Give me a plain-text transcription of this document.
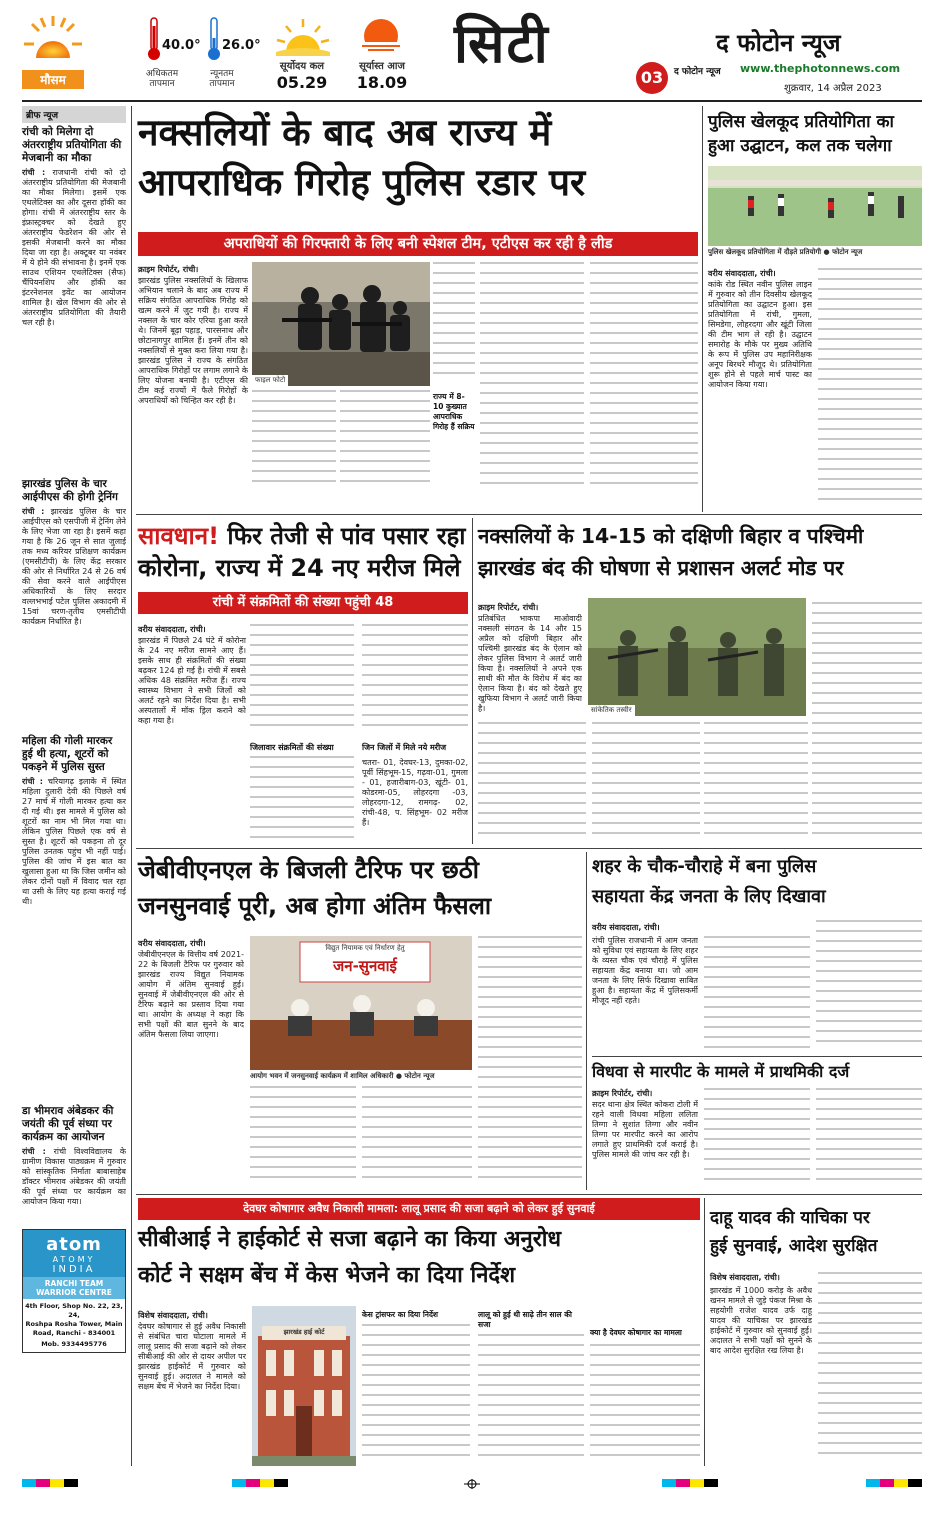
मौसम
40.0°
अधिकतम
तापमान
26.0°
न्यूनतम
तापमान
सूर्योदय कल
05.29
सूर्यास्त आज
18.09
सिटी	द फोटोन न्यूज
03	द फोटोन न्यूज www.thephotonnews.com
शुक्रवार, 14 अप्रैल 2023
ब्रीफ न्यूज
रांची को मिलेगा दो अंतरराष्ट्रीय प्रतियोगिता की मेजबानी का मौका
रांची : राजधानी रांची को दो अंतरराष्ट्रीय प्रतियोगिता की मेजबानी का मौका मिलेगा। इसमें एक एथलेटिक्स का और दूसरा हॉकी का होगा। रांची में अंतरराष्ट्रीय स्तर के इंफ्रास्ट्रक्चर को देखते हुए अंतरराष्ट्रीय फेडरेशन की ओर से इसकी मेजबानी करने का मौका दिया जा रहा है। अक्टूबर या नवंबर में ये होने की संभावना है। इनमें एक साउथ एशियन एथलेटिक्स (सैफ) चैंपियनशिप और हॉकी का इंटरनेशनल इवेंट का आयोजन शामिल है। खेल विभाग की ओर से अंतरराष्ट्रीय प्रतियोगिता की तैयारी चल रही है।
झारखंड पुलिस के चार आईपीएस की होगी ट्रेनिंग
रांची : झारखंड पुलिस के चार आईपीएस को एसपीजी में ट्रेनिंग लेने के लिए भेजा जा रहा है। इसमें कहा गया है कि 26 जून से सात जुलाई तक मध्य करियर प्रशिक्षण कार्यक्रम (एमसीटीपी) के लिए केंद्र सरकार की ओर से निर्धारित 24 से 26 वर्ष की सेवा करने वाले आईपीएस अधिकारियों के लिए सरदार वल्लभभाई पटेल पुलिस अकादमी में 15वां चरण-तृतीय एमसीटीपी कार्यक्रम निर्धारित है।
महिला की गोली मारकर हुई थी हत्या, शूटरों को पकड़ने में पुलिस सुस्त
रांची : चरियागढ़ इलाके में स्थित महिला दुलारी देवी की पिछले वर्ष 27 मार्च में गोली मारकर हत्या कर दी गई थी। इस मामले में पुलिस को शूटरों का नाम भी मिल गया था। लेकिन पुलिस पिछले एक वर्ष से सुस्त है। शूटरों को पकड़ना तो दूर पुलिस उनतक पहुंच भी नहीं पाई। पुलिस की जांच में इस बात का खुलासा हुआ था कि जिस जमीन को लेकर दोनों पक्षों में विवाद चल रहा था उसी के लिए यह हत्या कराई गई थी।
डा भीमराव अंबेडकर की जयंती की पूर्व संध्या पर कार्यक्रम का आयोजन
रांची : रांची विश्वविद्यालय के ग्रामीण विकास पाठ्यक्रम में गुरुवार को सांस्कृतिक निर्माता बाबासाहेब डॉक्टर भीमराव अंबेडकर की जयंती की पूर्व संध्या पर कार्यक्रम का आयोजन किया गया।
atom
ATOMY
INDIA
RANCHI TEAM
WARRIOR CENTRE
4th Floor, Shop No. 22, 23, 24,
Roshpa Rosha Tower, Main
Road, Ranchi - 834001
Mob. 9334495776
नक्सलियों के बाद अब राज्य में
आपराधिक गिरोह पुलिस रडार पर
अपराधियों की गिरफ्तारी के लिए बनी स्पेशल टीम, एटीएस कर रही है लीड
क्राइम रिपोर्टर, रांची।
झारखंड पुलिस नक्सलियों के खिलाफ अभियान चलाने के बाद अब राज्य में सक्रिय संगठित आपराधिक गिरोह को खत्म करने में जुट गयी है। राज्य में नक्सल के चार कोर एरिया हुआ करते थे। जिनमें बूढ़ा पहाड़, पारसनाथ और छोटानागपुर शामिल हैं। इनमें तीन को नक्सलियों से मुक्त करा लिया गया है। झारखंड पुलिस ने राज्य के संगठित आपराधिक गिरोहों पर लगाम लगाने के लिए योजना बनायी है। एटीएस की टीम कई राज्यों में फैले गिरोहों के अपराधियों को चिन्हित कर रही है।
फाइल फोटो
राज्य में 8-10 कुख्यात आपराधिक गिरोह हैं सक्रिय
पुलिस खेलकूद प्रतियोगिता का हुआ उद्घाटन, कल तक चलेगा
पुलिस खेलकूद प्रतियोगिता में दौड़ते प्रतियोगी ● फोटोन न्यूज
वरीय संवाददाता, रांची।
कांके रोड स्थित नवीन पुलिस लाइन में गुरुवार को तीन दिवसीय खेलकूद प्रतियोगिता का उद्घाटन हुआ। इस प्रतियोगिता में रांची, गुमला, सिमडेगा, लोहरदगा और खूंटी जिला की टीम भाग ले रही है। उद्घाटन समारोह के मौके पर मुख्य अतिथि के रूप में पुलिस उप महानिरीक्षक अनूप बिरथरे मौजूद थे। प्रतियोगिता शुरू होने से पहले मार्च पास्ट का आयोजन किया गया।
सावधान! फिर तेजी से पांव पसार रहा
कोरोना, राज्य में 24 नए मरीज मिले
रांची में संक्रमितों की संख्या पहुंची 48
वरीय संवाददाता, रांची।
झारखंड में पिछले 24 घंटे में कोरोना के 24 नए मरीज सामने आए हैं। इसके साथ ही संक्रमितों की संख्या बढ़कर 124 हो गई है। रांची में सबसे अधिक 48 संक्रमित मरीज हैं। राज्य स्वास्थ्य विभाग ने सभी जिलों को अलर्ट रहने का निर्देश दिया है। सभी अस्पतालों में मॉक ड्रिल कराने को कहा गया है।
जिलावार संक्रमितों की संख्या	जिन जिलों में मिले नये मरीज
चतरा- 01, देवघर-13, दुमका-02, पूर्वी सिंहभूम-15, गढ़वा-01, गुमला - 01, हजारीबाग-03, खूंटी- 01, कोडरमा-05, लोहरदगा -03, लोहरदगा-12, रामगढ़- 02, रांची-48, प. सिंहभूम- 02 मरीज हैं।
नक्सलियों के 14-15 को दक्षिणी बिहार व पश्चिमी
झारखंड बंद की घोषणा से प्रशासन अलर्ट मोड पर
क्राइम रिपोर्टर, रांची।
प्रतिबंधित भाकपा माओवादी नक्सली संगठन के 14 और 15 अप्रैल को दक्षिणी बिहार और पश्चिमी झारखंड बंद के ऐलान को लेकर पुलिस विभाग ने अलर्ट जारी किया है। नक्सलियों ने अपने एक साथी की मौत के विरोध में बंद का ऐलान किया है। बंद को देखते हुए खुफिया विभाग ने अलर्ट जारी किया है।	सांकेतिक तस्वीर
जेबीवीएनएल के बिजली टैरिफ पर छठी
जनसुनवाई पूरी, अब होगा अंतिम फैसला
वरीय संवाददाता, रांची।
जेबीवीएनएल के वित्तीय वर्ष 2021-22 के बिजली टैरिफ पर गुरुवार को झारखंड राज्य विद्युत नियामक आयोग में अंतिम सुनवाई हुई। सुनवाई में जेबीवीएनएल की ओर से टैरिफ बढ़ाने का प्रस्ताव दिया गया था। आयोग के अध्यक्ष ने कहा कि सभी पक्षों की बात सुनने के बाद अंतिम फैसला लिया जाएगा।
विद्युत नियामक एवं निर्धारण हेतु
जन-सुनवाई
आयोग भवन में जनसुनवाई कार्यक्रम में शामिल अधिकारी ● फोटोन न्यूज
शहर के चौक-चौराहे में बना पुलिस
सहायता केंद्र जनता के लिए दिखावा
वरीय संवाददाता, रांची।
रांची पुलिस राजधानी में आम जनता को सुविधा एवं सहायता के लिए शहर के व्यस्त चौक एवं चौराहे में पुलिस सहायता केंद्र बनाया था। जो आम जनता के लिए सिर्फ दिखावा साबित हुआ है। सहायता केंद्र में पुलिसकर्मी मौजूद नहीं रहते।
विधवा से मारपीट के मामले में प्राथमिकी दर्ज
क्राइम रिपोर्टर, रांची।
सदर थाना क्षेत्र स्थित कोकरा टोली में रहने वाली विधवा महिला ललिता तिग्गा ने सुशांत तिग्गा और नवीन तिग्गा पर मारपीट करने का आरोप लगाते हुए प्राथमिकी दर्ज कराई है। पुलिस मामले की जांच कर रही है।
देवघर कोषागार अवैध निकासी मामला: लालू प्रसाद की सजा बढ़ाने को लेकर हुई सुनवाई
सीबीआई ने हाईकोर्ट से सजा बढ़ाने का किया अनुरोध
कोर्ट ने सक्षम बेंच में केस भेजने का दिया निर्देश
विशेष संवाददाता, रांची।
देवघर कोषागार से हुई अवैध निकासी से संबंधित चारा घोटाला मामले में लालू प्रसाद की सजा बढ़ाने को लेकर सीबीआई की ओर से दायर अपील पर झारखंड हाईकोर्ट में गुरुवार को सुनवाई हुई। अदालत ने मामले को सक्षम बेंच में भेजने का निर्देश दिया।
झारखंड हाई कोर्ट
केस ट्रांसफर का दिया निर्देश	लालू को हुई थी साढ़े तीन साल की सजा
क्या है देवघर कोषागार का मामला
दाहू यादव की याचिका पर
हुई सुनवाई, आदेश सुरक्षित
विशेष संवाददाता, रांची।
झारखंड में 1000 करोड़ के अवैध खनन मामले से जुड़े पंकज मिश्रा के सहयोगी राजेश यादव उर्फ दाहू यादव की याचिका पर झारखंड हाईकोर्ट में गुरुवार को सुनवाई हुई। अदालत ने सभी पक्षों को सुनने के बाद आदेश सुरक्षित रख लिया है।
